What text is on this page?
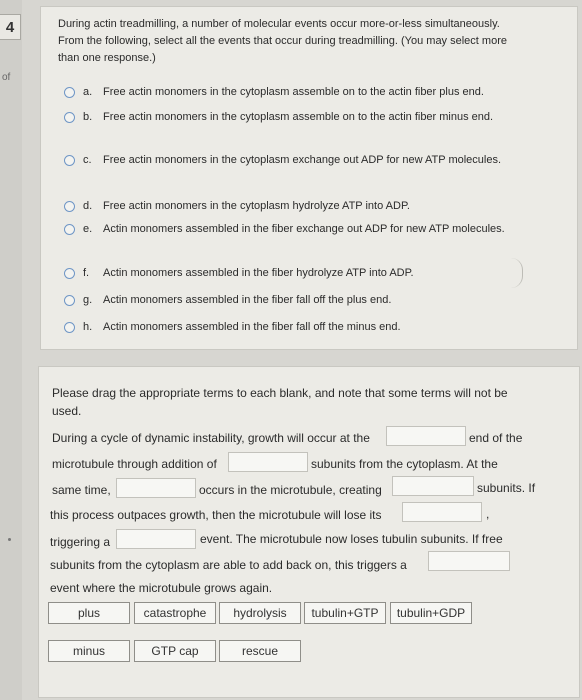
4
of
During actin treadmilling, a number of molecular events occur more-or-less simultaneously. From the following, select all the events that occur during treadmilling. (You may select more than one response.)
a. Free actin monomers in the cytoplasm assemble on to the actin fiber plus end.
b. Free actin monomers in the cytoplasm assemble on to the actin fiber minus end.
c.	Free actin monomers in the cytoplasm exchange out ADP for new ATP molecules.
d. Free actin monomers in the cytoplasm hydrolyze ATP into ADP.
e. Actin monomers assembled in the fiber exchange out ADP for new ATP molecules.
f.	Actin monomers assembled in the fiber hydrolyze ATP into ADP.
g. Actin monomers assembled in the fiber fall off the plus end.
h. Actin monomers assembled in the fiber fall off the minus end.
Please drag the appropriate terms to each blank, and note that some terms will not be used.
During a cycle of dynamic instability, growth will occur at the	end of the
microtubule through addition of	subunits from the cytoplasm. At the
same time,	occurs in the microtubule, creating	subunits. If
this process outpaces growth, then the microtubule will lose its	,
triggering a	event. The microtubule now loses tubulin subunits. If free
subunits from the cytoplasm are able to add back on, this triggers a
event where the microtubule grows again.
plus	catastrophe	hydrolysis	tubulin+GTP	tubulin+GDP
minus	GTP cap	rescue
